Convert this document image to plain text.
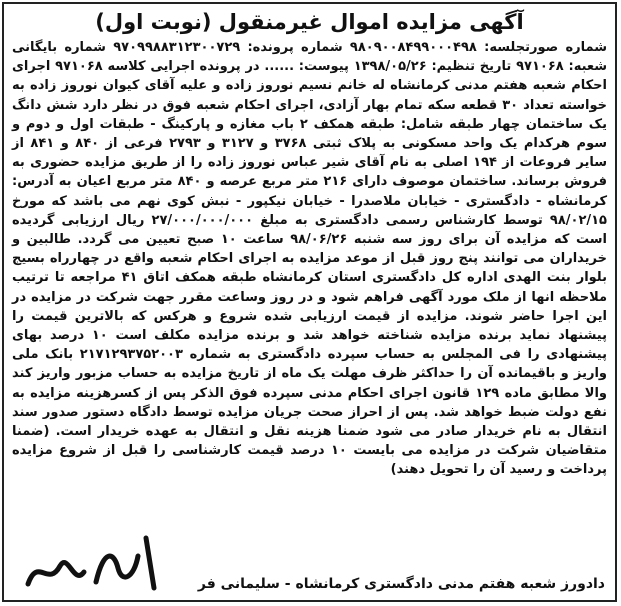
آگهی مزایده اموال غیرمنقول (نوبت اول)

شماره صورتجلسه: ۹۸۰۹۰۰۸۴۹۹۰۰۰۴۹۸ شماره پرونده: ۹۷۰۹۹۸۸۳۱۲۳۰۰۷۲۹ شماره بایگانی شعبه: ۹۷۱۰۶۸ تاریخ تنظیم: ۱۳۹۸/۰۵/۲۶ پیوست: ...... در پرونده اجرایی کلاسه ۹۷۱۰۶۸ اجرای احکام شعبه هفتم مدنی کرمانشاه له خانم نسیم نوروز زاده و علیه آقای کیوان نوروز زاده به خواسته تعداد ۳۰ قطعه سکه تمام بهار آزادی، اجرای احکام شعبه فوق در نظر دارد شش دانگ یک ساختمان چهار طبقه شامل: طبقه همکف ۲ باب مغازه و پارکینگ - طبقات اول و دوم و سوم هرکدام یک واحد مسکونی به پلاک ثبتی ۳۷۶۸ و ۳۱۲۷ و ۲۷۹۳ فرعی از ۸۴۰ و ۸۴۱ از سایر فروعات از ۱۹۴ اصلی به نام آقای شیر عباس نوروز زاده را از طریق مزایده حضوری به فروش برساند. ساختمان موصوف دارای ۲۱۶ متر مربع عرصه و ۸۴۰ متر مربع اعیان به آدرس: کرمانشاه - دادگستری - خیابان ملاصدرا - خیابان نیکپور - نبش کوی نهم می باشد که مورخ ۹۸/۰۲/۱۵ توسط کارشناس رسمی دادگستری به مبلغ ۲۷/۰۰۰/۰۰۰/۰۰۰ ریال ارزیابی گردیده است که مزایده آن برای روز سه شنبه ۹۸/۰۶/۲۶ ساعت ۱۰ صبح تعیین می گردد. طالبین و خریداران می توانند پنج روز قبل از موعد مزایده به اجرای احکام شعبه واقع در چهارراه بسیج بلوار بنت الهدی اداره کل دادگستری استان کرمانشاه طبقه همکف اتاق ۴۱ مراجعه تا ترتیب ملاحظه انها از ملک مورد آگهی فراهم شود و در روز وساعت مقرر جهت شرکت در مزایده در این اجرا حاضر شوند. مزایده از قیمت ارزیابی شده شروع و هرکس که بالاترین قیمت را پیشنهاد نماید برنده مزایده شناخته خواهد شد و برنده مزایده مکلف است ۱۰ درصد بهای پیشنهادی را فی المجلس به حساب سپرده دادگستری به شماره ۲۱۷۱۲۹۳۷۵۲۰۰۳ بانک ملی واریز و باقیمانده آن را حداکثر ظرف مهلت یک ماه از تاریخ مزایده به حساب مزبور واریز کند والا مطابق ماده ۱۲۹ قانون اجرای احکام مدنی سپرده فوق الذکر پس از کسرهزینه مزایده به نفع دولت ضبط خواهد شد. پس از احراز صحت جریان مزایده توسط دادگاه دستور صدور سند انتقال به نام خریدار صادر می شود ضمنا هزینه نقل و انتقال به عهده خریدار است. (ضمنا متقاضیان شرکت در مزایده می بایست ۱۰ درصد قیمت کارشناسی را قبل از شروع مزایده پرداخت و رسید آن را تحویل دهند)

دادورز شعبه هفتم مدنی دادگستری کرمانشاه - سلیمانی فر
